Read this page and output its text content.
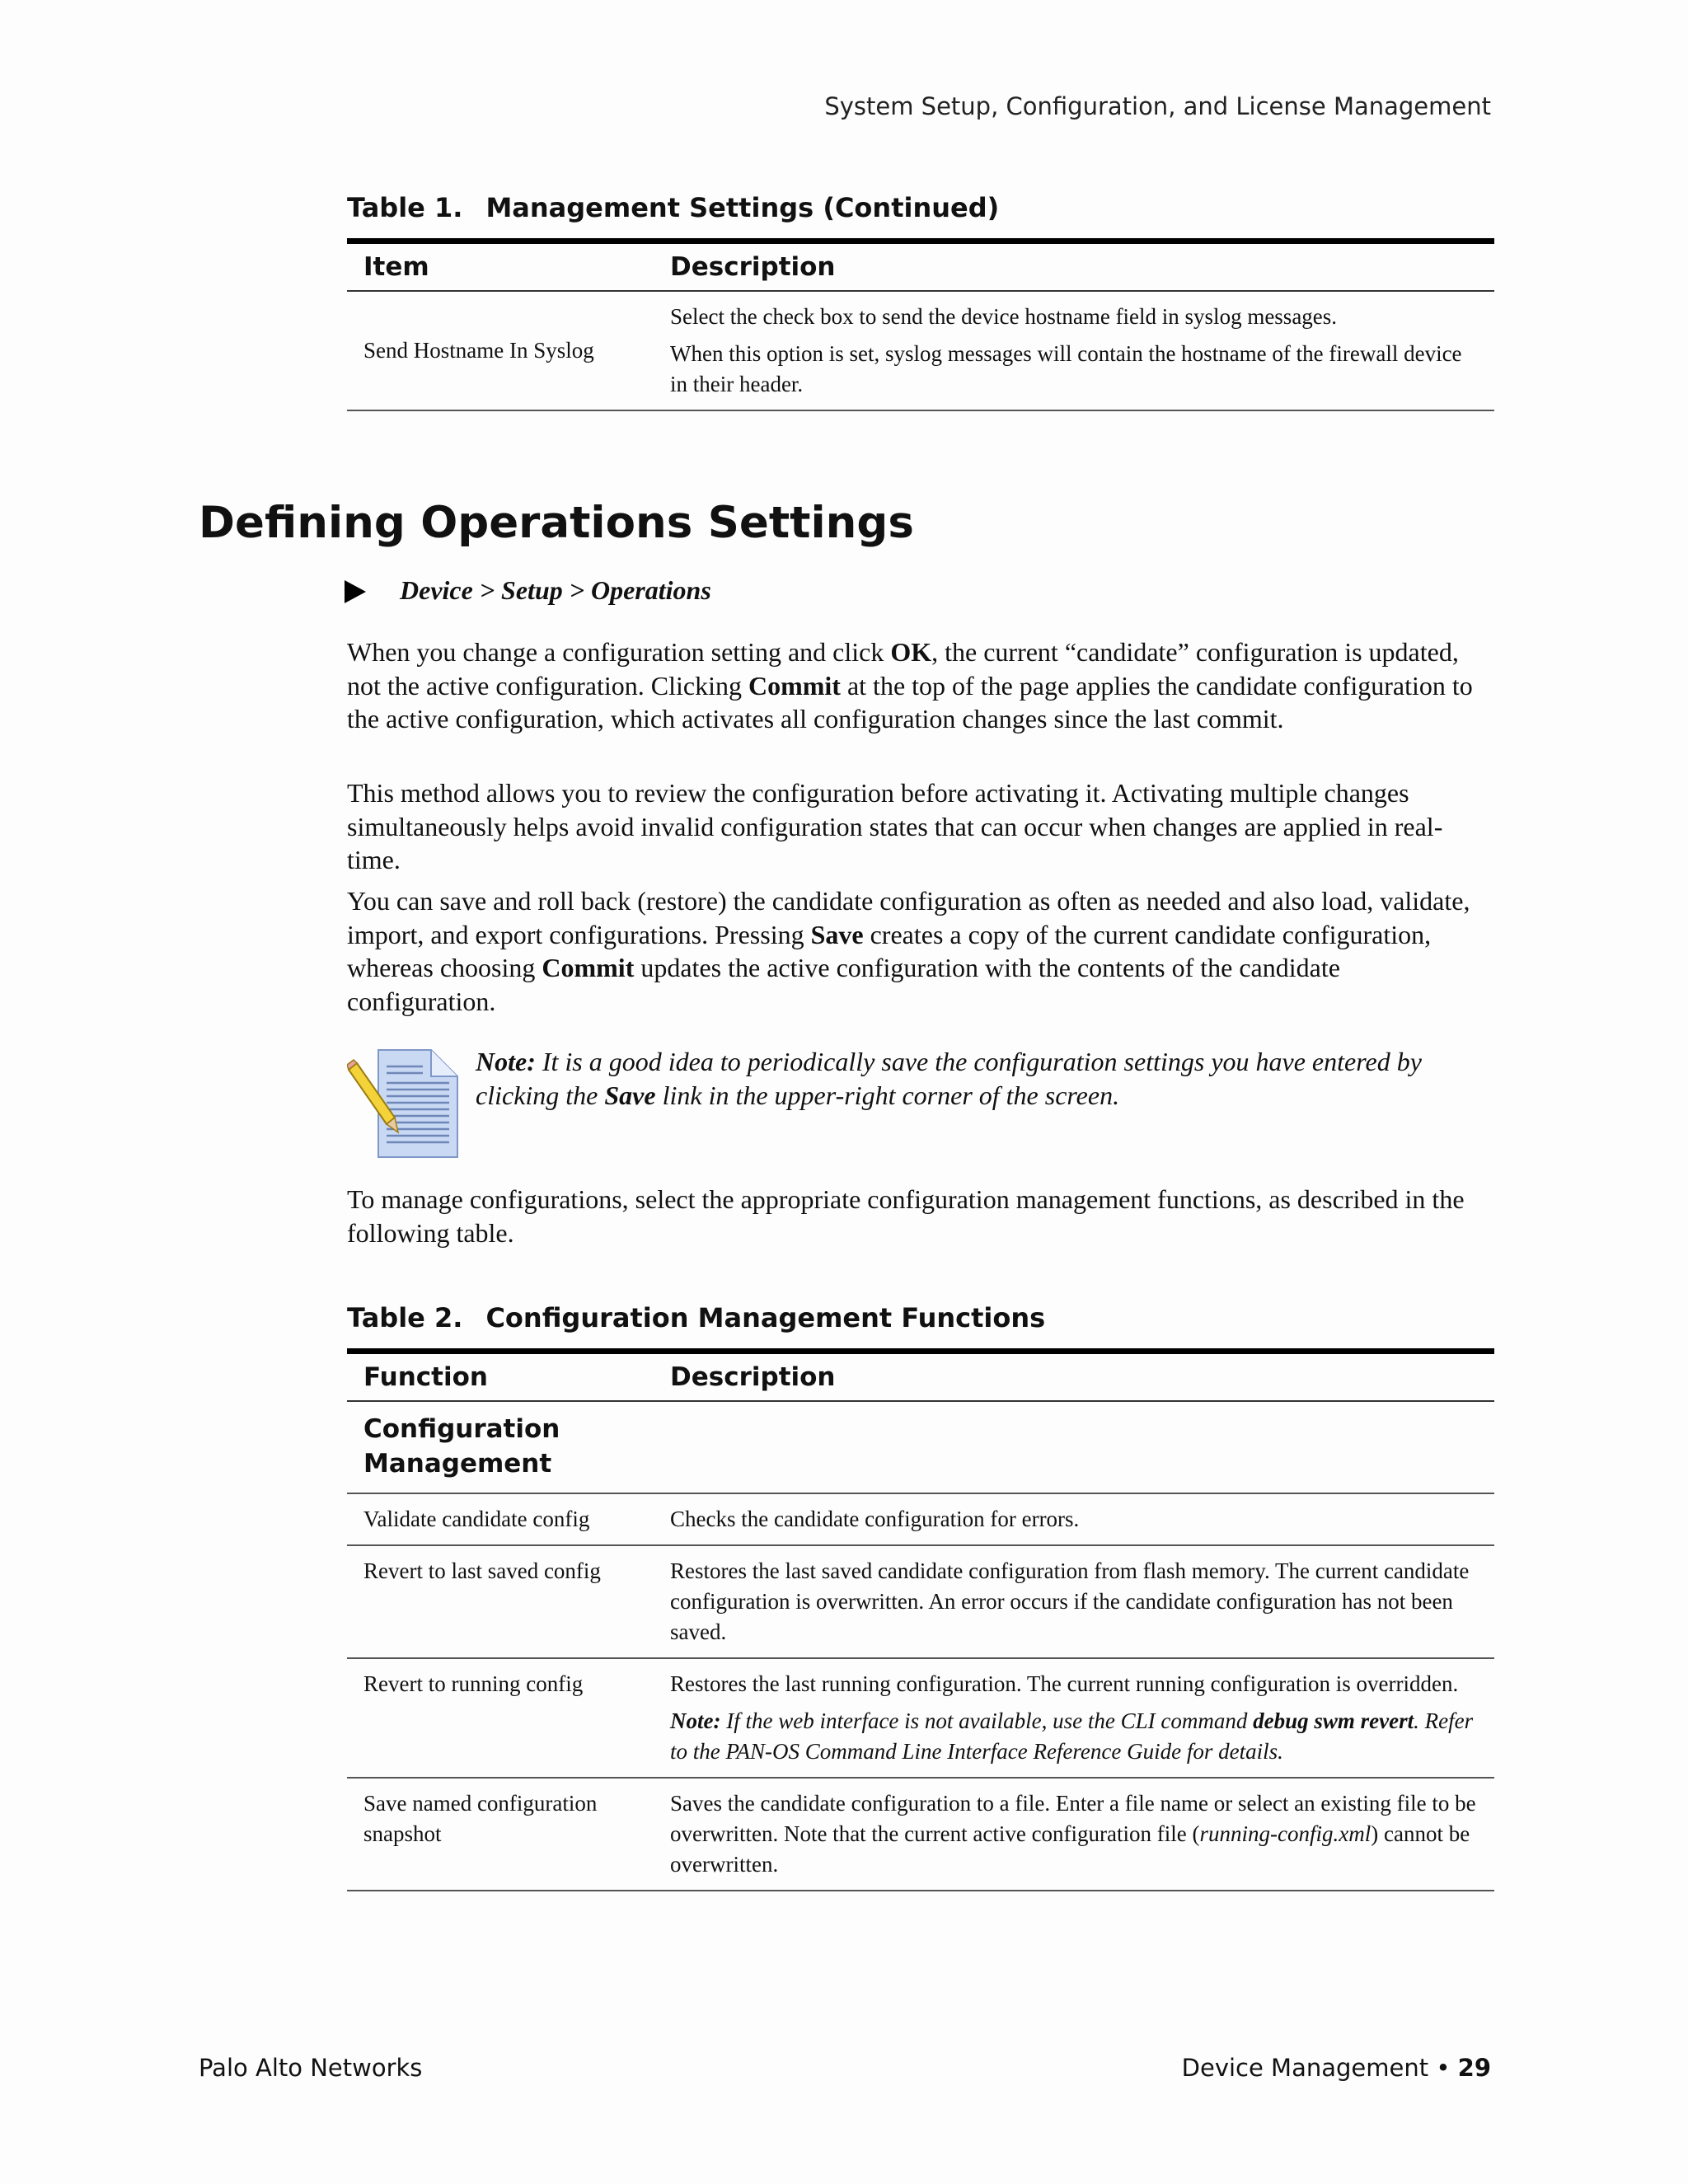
System Setup, Configuration, and License Management
Table 1. Management Settings (Continued)
Item	Description
Send Hostname In Syslog	Select the check box to send the device hostname field in syslog messages.

When this option is set, syslog messages will contain the hostname of the firewall device in their header.

Defining Operations Settings
Device > Setup > Operations

When you change a configuration setting and click OK, the current “candidate” configuration is updated, not the active configuration. Clicking Commit at the top of the page applies the candidate configuration to the active configuration, which activates all configuration changes since the last commit.

This method allows you to review the configuration before activating it. Activating multiple changes simultaneously helps avoid invalid configuration states that can occur when changes are applied in real-time.

You can save and roll back (restore) the candidate configuration as often as needed and also load, validate, import, and export configurations. Pressing Save creates a copy of the current candidate configuration, whereas choosing Commit updates the active configuration with the contents of the candidate configuration.

Note: It is a good idea to periodically save the configuration settings you have entered by clicking the Save link in the upper-right corner of the screen.

To manage configurations, select the appropriate configuration management functions, as described in the following table.

Table 2. Configuration Management Functions
Function	Description
Configuration Management	
Validate candidate config	Checks the candidate configuration for errors.
Revert to last saved config	Restores the last saved candidate configuration from flash memory. The current candidate configuration is overwritten. An error occurs if the candidate configuration has not been saved.
Revert to running config	Restores the last running configuration. The current running configuration is overridden.

Note: If the web interface is not available, use the CLI command debug swm revert. Refer to the PAN-OS Command Line Interface Reference Guide for details.

Save named configuration snapshot	Saves the candidate configuration to a file. Enter a file name or select an existing file to be overwritten. Note that the current active configuration file (running-config.xml) cannot be overwritten.
Palo Alto Networks	Device Management • 29
